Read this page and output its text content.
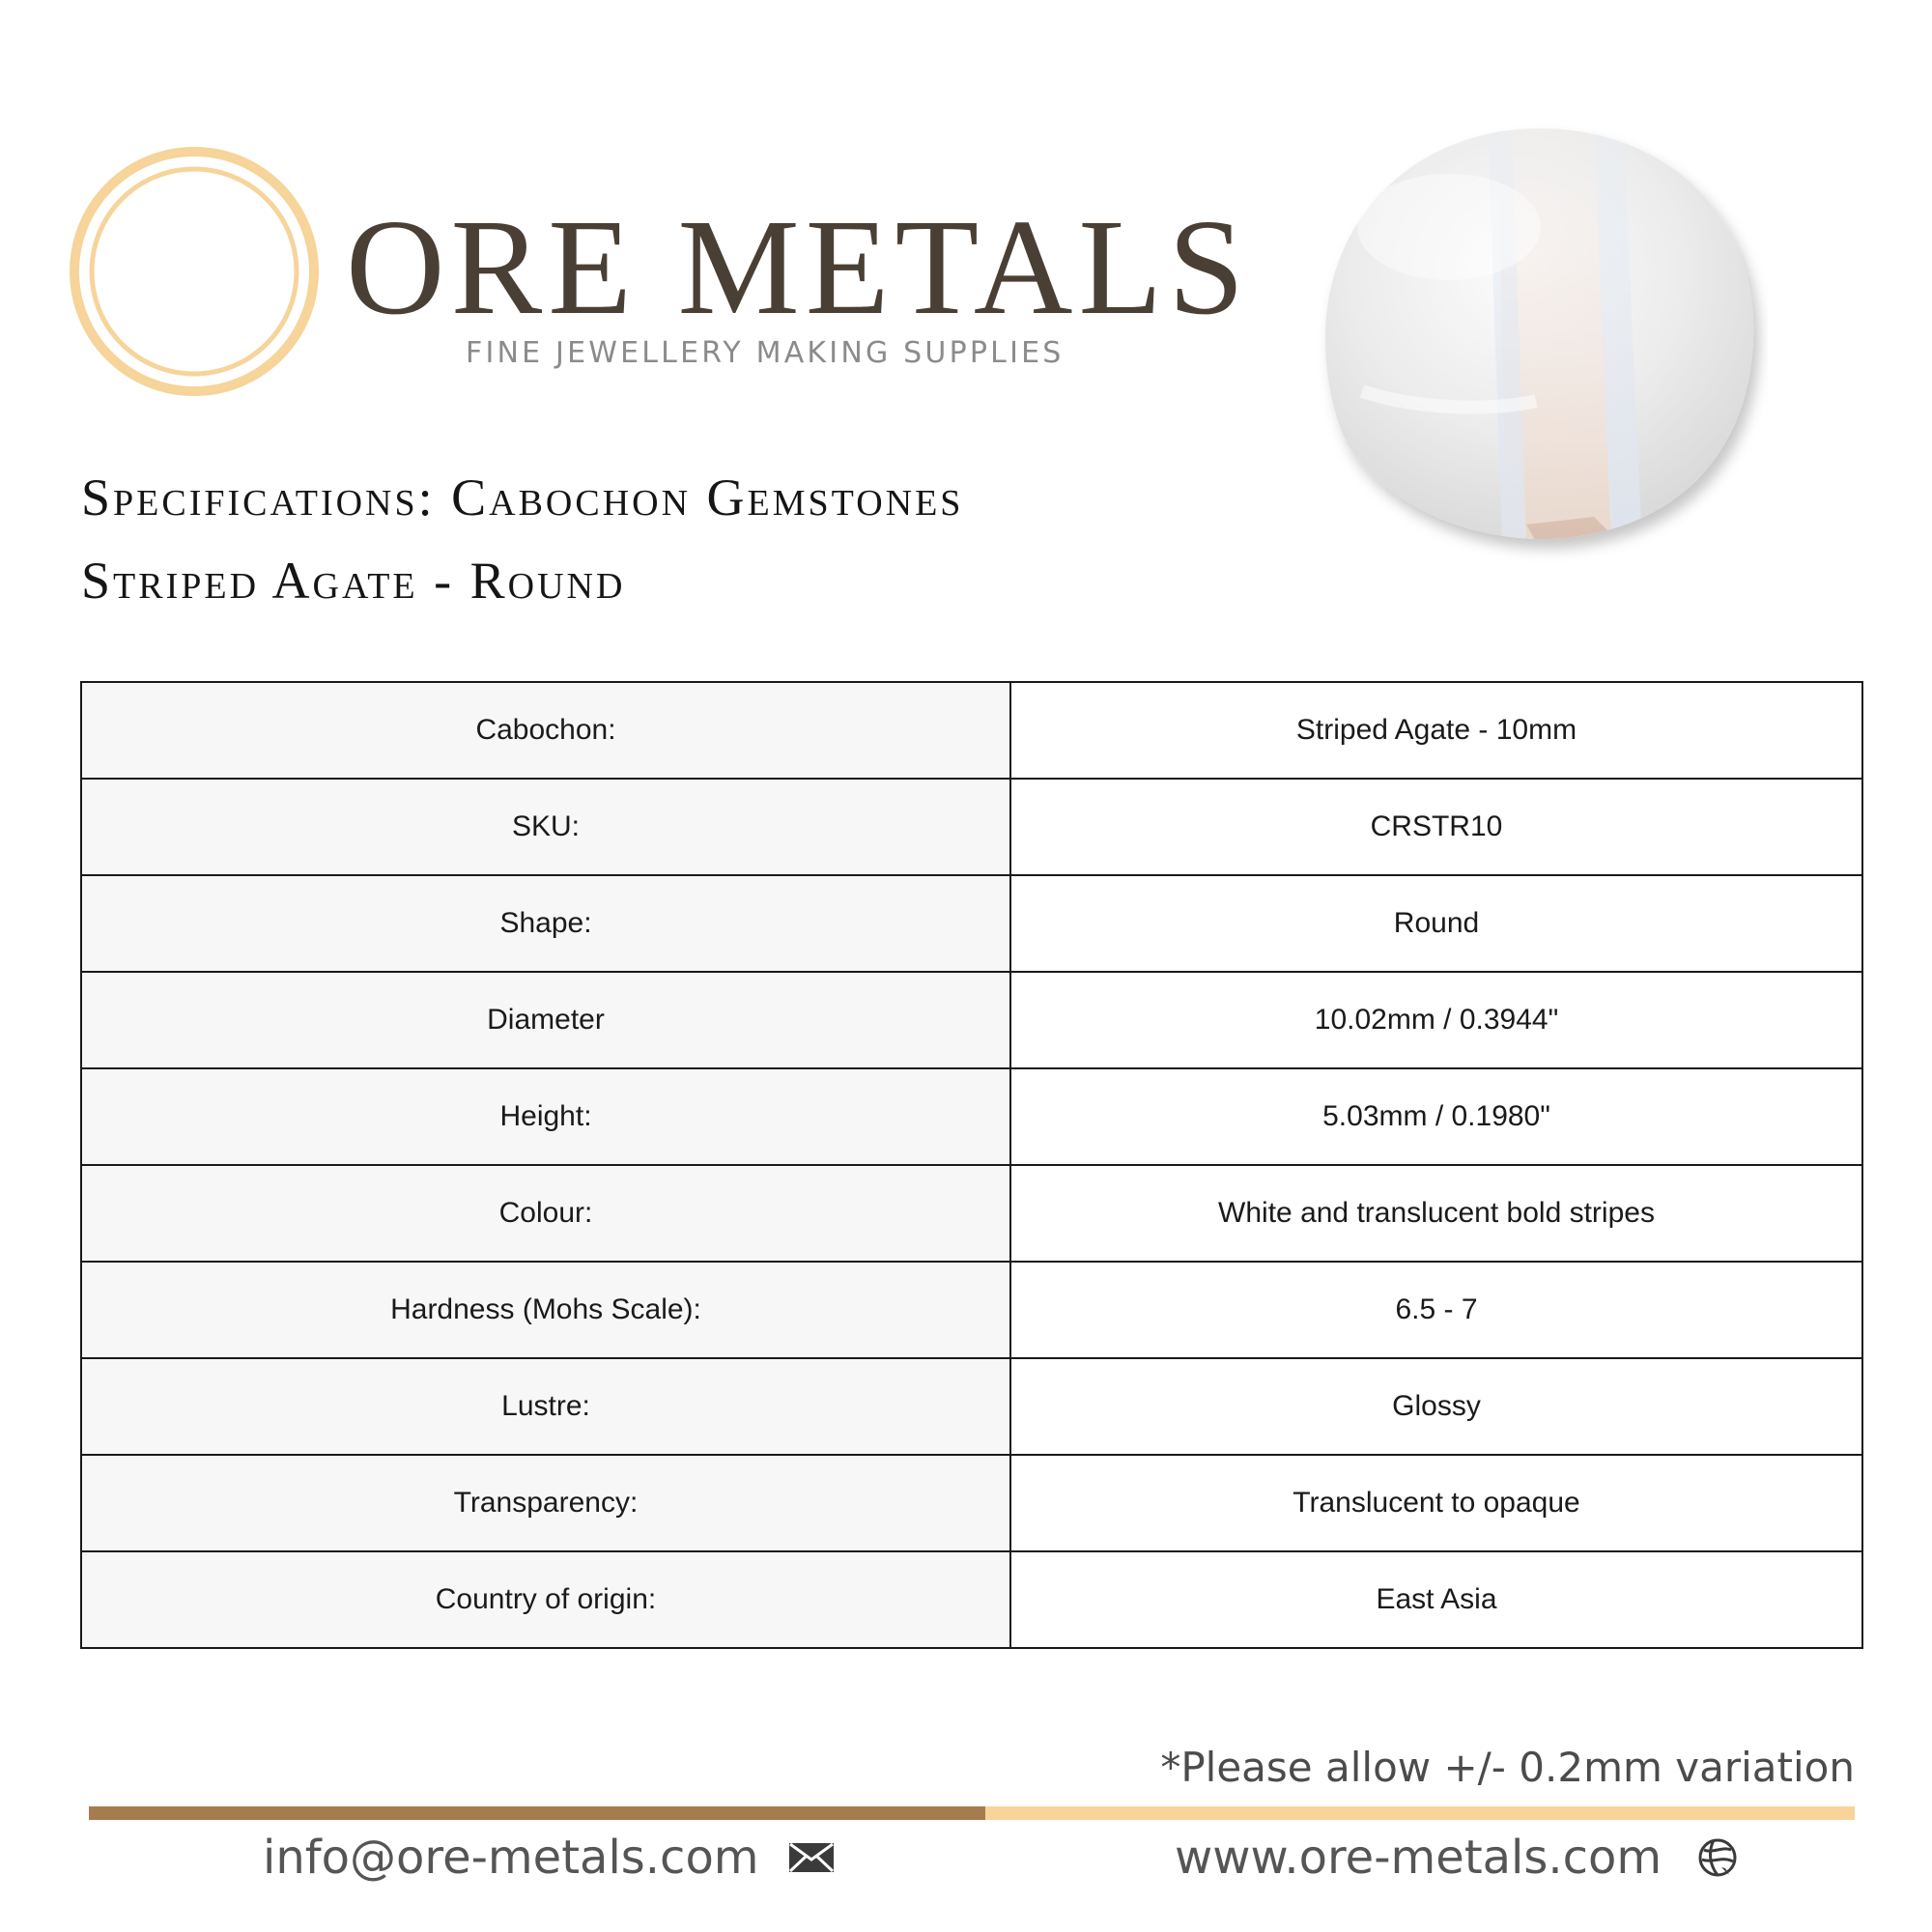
ORE METALS
FINE JEWELLERY MAKING SUPPLIES
Specifications: Cabochon Gemstones
Striped Agate - Round
Cabochon:	Striped Agate - 10mm
SKU:	CRSTR10
Shape:	Round
Diameter	10.02mm / 0.3944"
Height:	5.03mm / 0.1980"
Colour:	White and translucent bold stripes
Hardness (Mohs Scale):	6.5 - 7
Lustre:	Glossy
Transparency:	Translucent to opaque
Country of origin:	East Asia
*Please allow +/- 0.2mm variation
info@ore-metals.com	www.ore-metals.com
